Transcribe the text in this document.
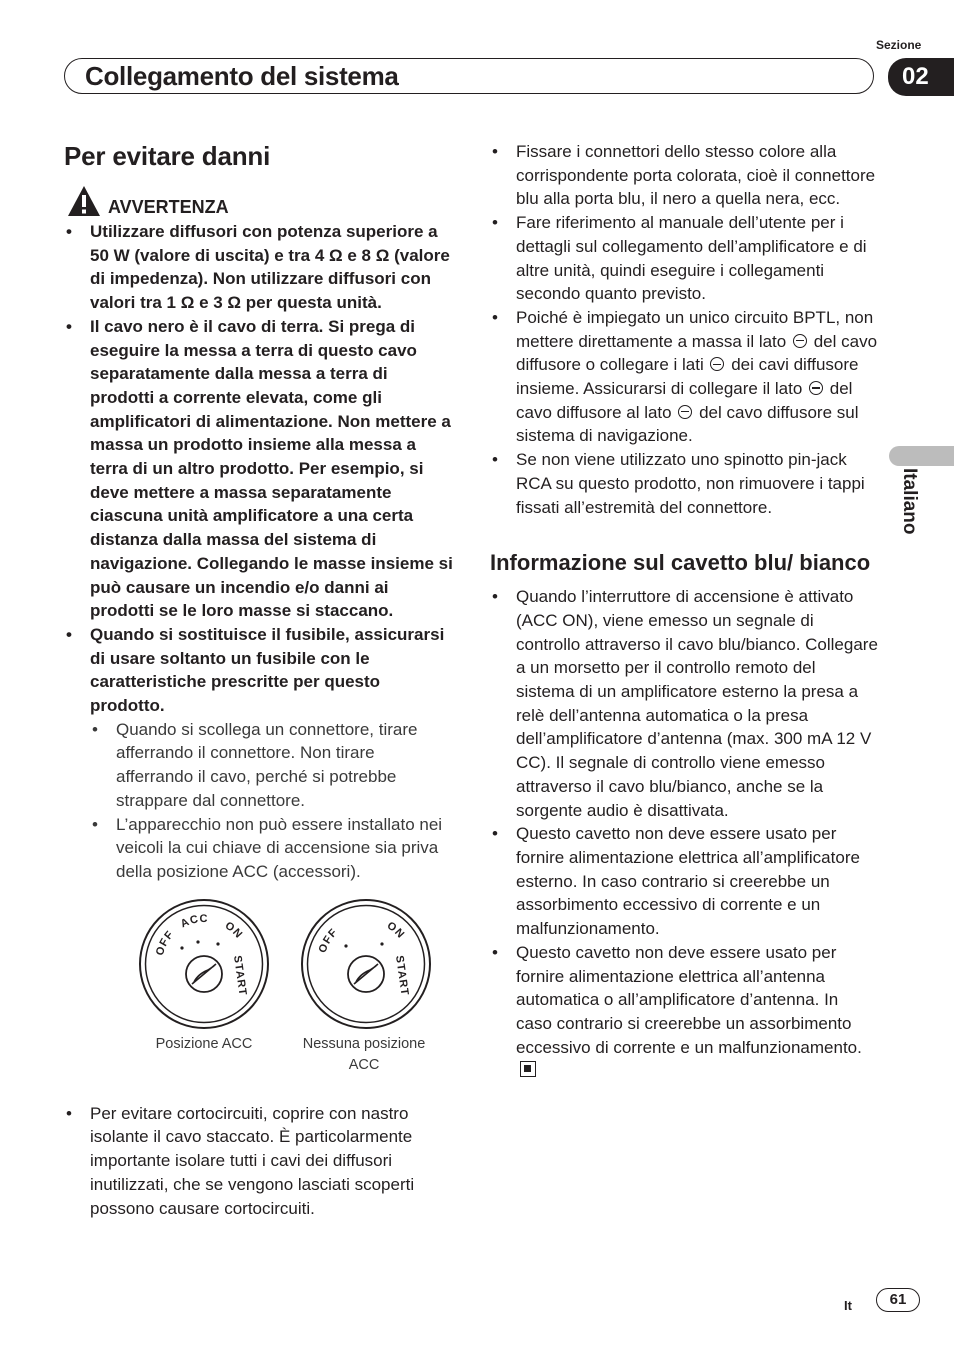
Sezione
Collegamento del sistema	02
Italiano
Per evitare danni
AVVERTENZA
• Utilizzare diffusori con potenza superiore a 50 W (valore di uscita) e tra 4 Ω e 8 Ω (valore di impedenza). Non utilizzare diffusori con valori tra 1 Ω e 3 Ω per questa unità.
• Il cavo nero è il cavo di terra. Si prega di eseguire la messa a terra di questo cavo separatamente dalla messa a terra di prodotti a corrente elevata, come gli amplificatori di alimentazione. Non mettere a massa un prodotto insieme alla messa a terra di un altro prodotto. Per esempio, si deve mettere a massa separatamente ciascuna unità amplificatore a una certa distanza dalla massa del sistema di navigazione. Collegando le masse insieme si può causare un incendio e/o danni ai prodotti se le loro masse si staccano.
• Quando si sostituisce il fusibile, assicurarsi di usare soltanto un fusibile con le caratteristiche prescritte per questo prodotto.
• Quando si scollega un connettore, tirare afferrando il connettore. Non tirare afferrando il cavo, perché si potrebbe strappare dal connettore.
• L’apparecchio non può essere installato nei veicoli la cui chiave di accensione sia priva della posizione ACC (accessori).
OFF
ACC
ON
START
OFF	ON
START
Posizione ACC	Nessuna posizione ACC
• Per evitare cortocircuiti, coprire con nastro isolante il cavo staccato. È particolarmente importante isolare tutti i cavi dei diffusori inutilizzati, che se vengono lasciati scoperti possono causare cortocircuiti.
• Fissare i connettori dello stesso colore alla corrispondente porta colorata, cioè il connettore blu alla porta blu, il nero a quella nera, ecc.
• Fare riferimento al manuale dell’utente per i dettagli sul collegamento dell’amplificatore e di altre unità, quindi eseguire i collegamenti secondo quanto previsto.
• Poiché è impiegato un unico circuito BPTL, non mettere direttamente a massa il lato del cavo diffusore o collegare i lati dei cavi diffusore insieme. Assicurarsi di collegare il lato del cavo diffusore al lato del cavo diffusore sul sistema di navigazione.
• Se non viene utilizzato uno spinotto pin-jack RCA su questo prodotto, non rimuovere i tappi fissati all’estremità del connettore.
Informazione sul cavetto blu/ bianco
• Quando l’interruttore di accensione è attivato (ACC ON), viene emesso un segnale di controllo attraverso il cavo blu/bianco. Collegare a un morsetto per il controllo remoto del sistema di un amplificatore esterno la presa a relè dell’antenna automatica o la presa dell’amplificatore d’antenna (max. 300 mA 12 V CC). Il segnale di controllo viene emesso attraverso il cavo blu/bianco, anche se la sorgente audio è disattivata.
• Questo cavetto non deve essere usato per fornire alimentazione elettrica all’amplificatore esterno. In caso contrario si creerebbe un assorbimento eccessivo di corrente e un malfunzionamento.
• Questo cavetto non deve essere usato per fornire alimentazione elettrica all’antenna automatica o all’amplificatore d’antenna. In caso contrario si creerebbe un assorbimento eccessivo di corrente e un malfunzionamento.
It	61
